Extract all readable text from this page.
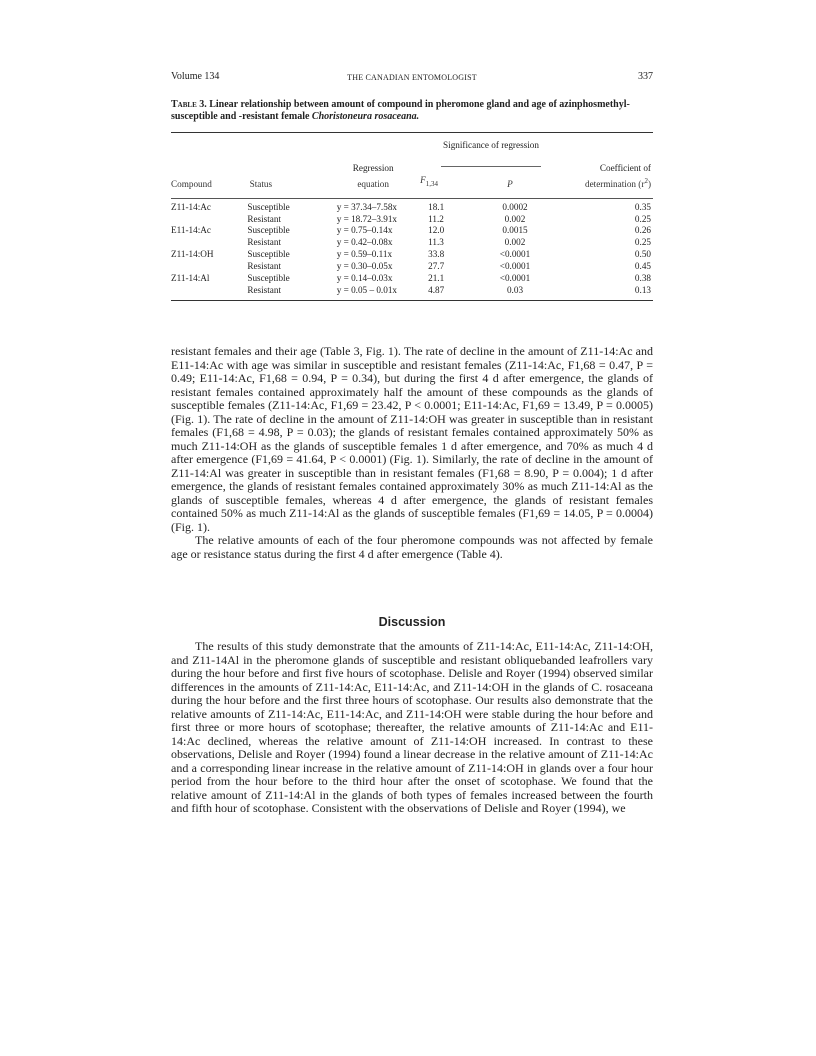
Volume 134	THE CANADIAN ENTOMOLOGIST	337
Table 3. Linear relationship between amount of compound in pheromone gland and age of azinphosmethyl-susceptible and -resistant female Choristoneura rosaceana.
Significance of regression
		Regression			Coefficient of
Compound	Status	equation	$F_{1,34}$	P	determination $(r^2)$
Z11-14:Ac	Susceptible	y = 37.34–7.58x	18.1	0.0002	0.35
	Resistant	y = 18.72–3.91x	11.2	0.002	0.25
E11-14:Ac	Susceptible	y = 0.75–0.14x	12.0	0.0015	0.26
	Resistant	y = 0.42–0.08x	11.3	0.002	0.25
Z11-14:OH	Susceptible	y = 0.59–0.11x	33.8	<0.0001	0.50
	Resistant	y = 0.30–0.05x	27.7	<0.0001	0.45
Z11-14:Al	Susceptible	y = 0.14–0.03x	21.1	<0.0001	0.38
	Resistant	y = 0.05 – 0.01x	4.87	0.03	0.13

resistant females and their age (Table 3, Fig. 1). The rate of decline in the amount of Z11-14:Ac and E11-14:Ac with age was similar in susceptible and resistant females (Z11-14:Ac, F1,68 = 0.47, P = 0.49; E11-14:Ac, F1,68 = 0.94, P = 0.34), but during the first 4 d after emergence, the glands of resistant females contained approximately half the amount of these compounds as the glands of susceptible females (Z11-14:Ac, F1,69 = 23.42, P < 0.0001; E11-14:Ac, F1,69 = 13.49, P = 0.0005) (Fig. 1). The rate of decline in the amount of Z11-14:OH was greater in susceptible than in resistant females (F1,68 = 4.98, P = 0.03); the glands of resistant females contained approximately 50% as much Z11-14:OH as the glands of susceptible females 1 d after emergence, and 70% as much 4 d after emergence (F1,69 = 41.64, P < 0.0001) (Fig. 1). Similarly, the rate of decline in the amount of Z11-14:Al was greater in susceptible than in resistant females (F1,68 = 8.90, P = 0.004); 1 d after emergence, the glands of resistant females contained approximately 30% as much Z11-14:Al as the glands of susceptible females, whereas 4 d after emergence, the glands of resistant females contained 50% as much Z11-14:Al as the glands of susceptible females (F1,69 = 14.05, P = 0.0004) (Fig. 1).

The relative amounts of each of the four pheromone compounds was not affected by female age or resistance status during the first 4 d after emergence (Table 4).

Discussion

The results of this study demonstrate that the amounts of Z11-14:Ac, E11-14:Ac, Z11-14:OH, and Z11-14Al in the pheromone glands of susceptible and resistant obliquebanded leafrollers vary during the hour before and first five hours of scotophase. Delisle and Royer (1994) observed similar differences in the amounts of Z11-14:Ac, E11-14:Ac, and Z11-14:OH in the glands of C. rosaceana during the hour before and the first three hours of scotophase. Our results also demonstrate that the relative amounts of Z11-14:Ac, E11-14:Ac, and Z11-14:OH were stable during the hour before and first three or more hours of scotophase; thereafter, the relative amounts of Z11-14:Ac and E11-14:Ac declined, whereas the relative amount of Z11-14:OH increased. In contrast to these observations, Delisle and Royer (1994) found a linear decrease in the relative amount of Z11-14:Ac and a corresponding linear increase in the relative amount of Z11-14:OH in glands over a four hour period from the hour before to the third hour after the onset of scotophase. We found that the relative amount of Z11-14:Al in the glands of both types of females increased between the fourth and fifth hour of scotophase. Consistent with the observations of Delisle and Royer (1994), we
